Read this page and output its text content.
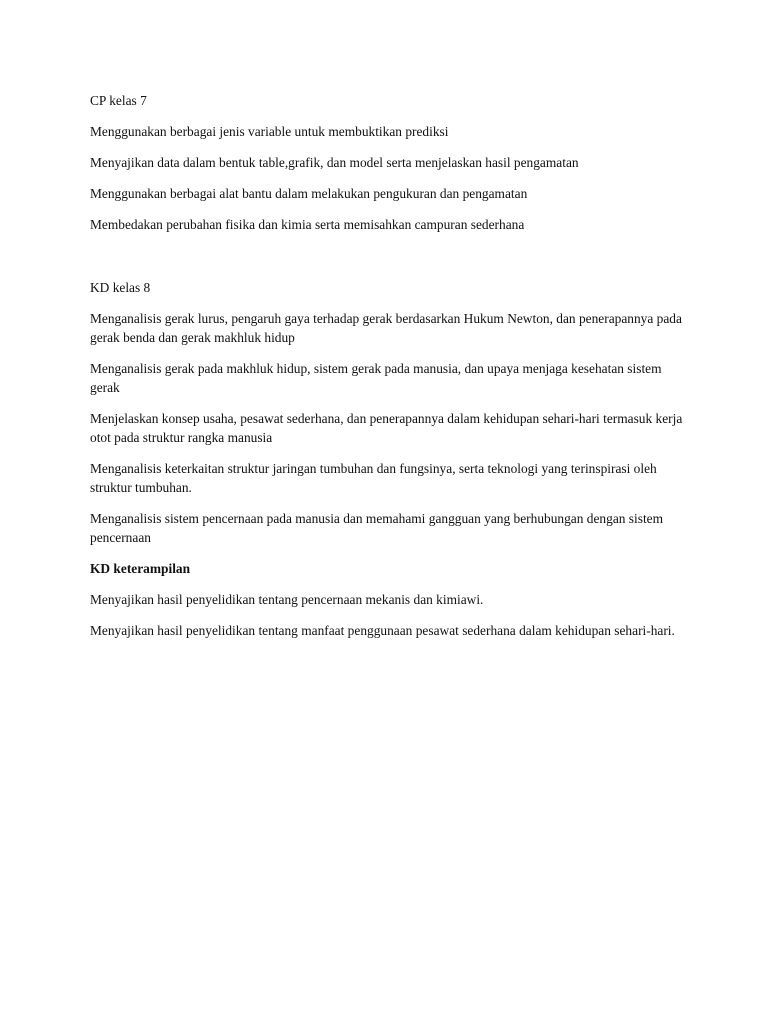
CP kelas 7

Menggunakan berbagai jenis variable untuk membuktikan prediksi

Menyajikan data dalam bentuk table,grafik, dan model serta menjelaskan hasil pengamatan

Menggunakan berbagai alat bantu dalam melakukan pengukuran dan pengamatan

Membedakan perubahan fisika dan kimia serta memisahkan campuran sederhana

KD kelas 8

Menganalisis gerak lurus, pengaruh gaya terhadap gerak berdasarkan Hukum Newton, dan penerapannya pada gerak benda dan gerak makhluk hidup

Menganalisis gerak pada makhluk hidup, sistem gerak pada manusia, dan upaya menjaga kesehatan sistem gerak

Menjelaskan konsep usaha, pesawat sederhana, dan penerapannya dalam kehidupan sehari-hari termasuk kerja otot pada struktur rangka manusia

Menganalisis keterkaitan struktur jaringan tumbuhan dan fungsinya, serta teknologi yang terinspirasi oleh struktur tumbuhan.

Menganalisis sistem pencernaan pada manusia dan memahami gangguan yang berhubungan dengan sistem pencernaan

KD keterampilan

Menyajikan hasil penyelidikan tentang pencernaan mekanis dan kimiawi.

Menyajikan hasil penyelidikan tentang manfaat penggunaan pesawat sederhana dalam kehidupan sehari-hari.
